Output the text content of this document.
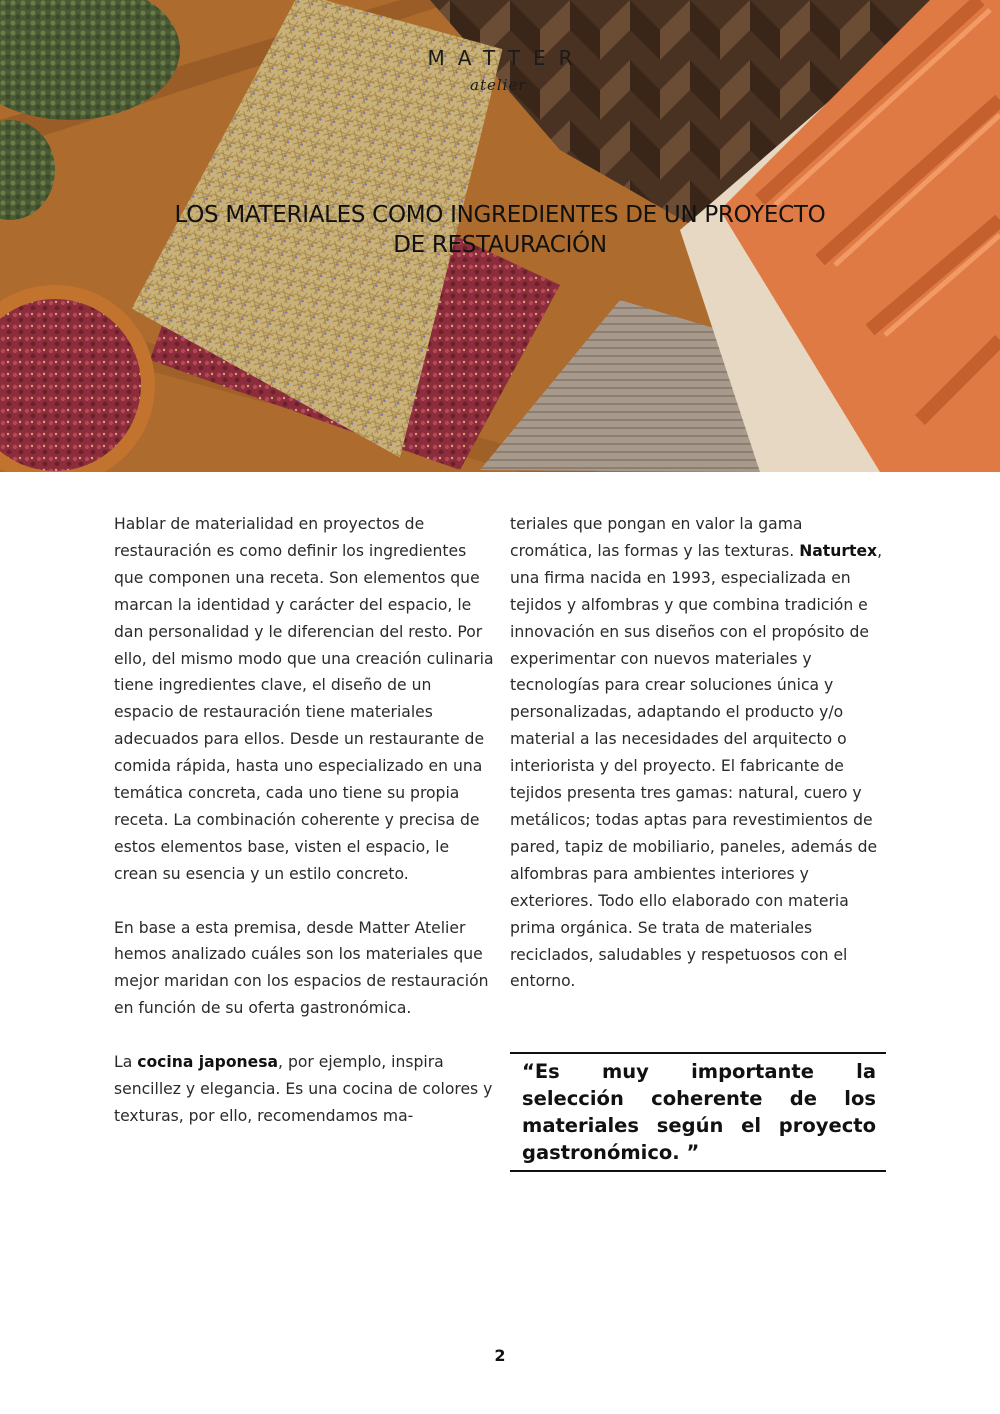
MATTER
atelier
LOS MATERIALES COMO INGREDIENTES DE UN PROYECTO
DE RESTAURACIÓN

Hablar de materialidad en proyectos de restauración es como definir los ingredientes que componen una receta. Son elementos que marcan la identidad y carácter del espacio, le dan personalidad y le diferencian del resto. Por ello, del mismo modo que una creación culinaria tiene ingredientes clave, el diseño de un espacio de restauración tiene materiales adecuados para ellos. Desde un restaurante de comida rápida, hasta uno especializado en una temática concreta, cada uno tiene su propia receta. La combinación coherente y precisa de estos elementos base, visten el espacio, le crean su esencia y un estilo concreto.

En base a esta premisa, desde Matter Atelier hemos analizado cuáles son los materiales que mejor maridan con los espacios de restauración en función de su oferta gastronómica.

La cocina japonesa, por ejemplo, inspira sencillez y elegancia. Es una cocina de colores y texturas, por ello, recomendamos ma-

teriales que pongan en valor la gama cromática, las formas y las texturas. Naturtex, una firma nacida en 1993, especializada en tejidos y alfombras y que combina tradición e innovación en sus diseños con el propósito de experimentar con nuevos materiales y tecnologías para crear soluciones única y personalizadas, adaptando el producto y/o material a las necesidades del arquitecto o interiorista y del proyecto. El fabricante de tejidos presenta tres gamas: natural, cuero y metálicos; todas aptas para revestimientos de pared, tapiz de mobiliario, paneles, además de alfombras para ambientes interiores y exteriores. Todo ello elaborado con materia prima orgánica. Se trata de materiales reciclados, saludables y respetuosos con el entorno.

“Es muy importante la selección coherente de los materiales según el proyecto gastronómico. ”

2
